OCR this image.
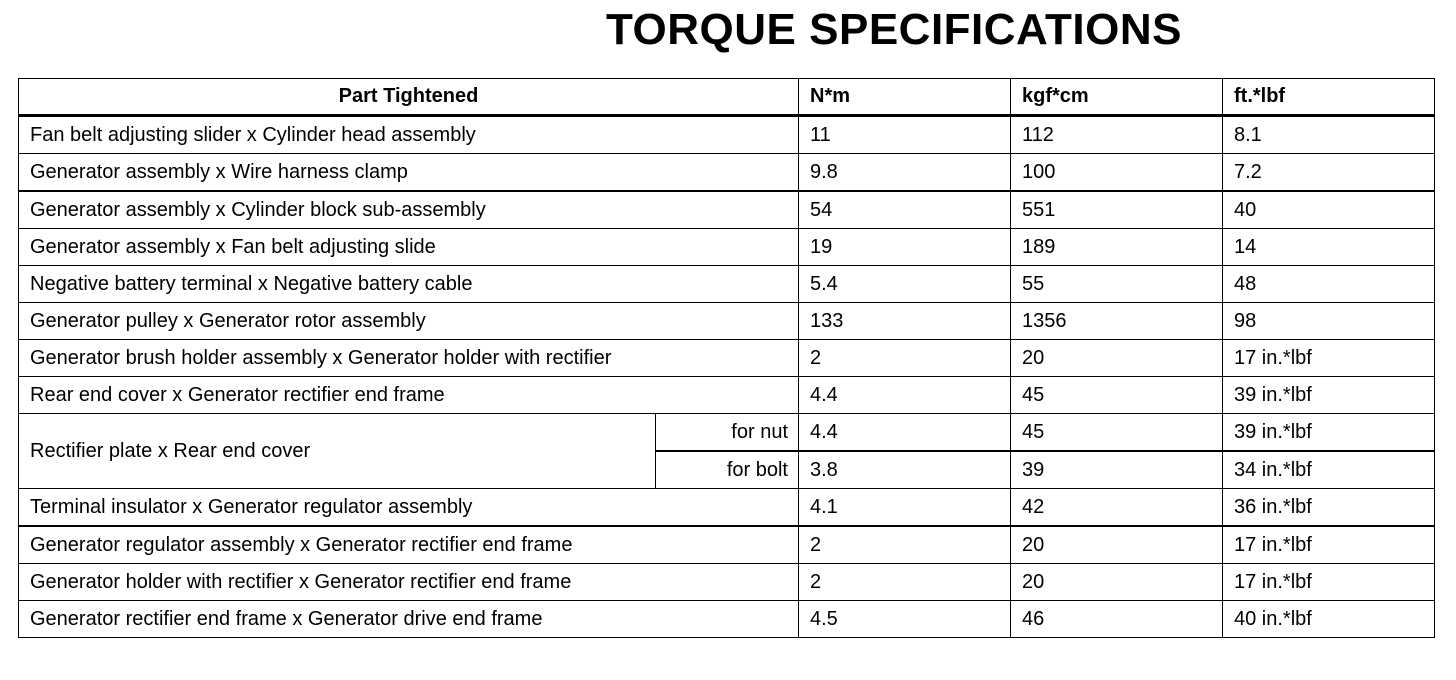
TORQUE SPECIFICATIONS
Part Tightened		N*m	kgf*cm	ft.*lbf
Fan belt adjusting slider x Cylinder head assembly		11	112	8.1
Generator assembly x Wire harness clamp		9.8	100	7.2
Generator assembly x Cylinder block sub-assembly		54	551	40
Generator assembly x Fan belt adjusting slide		19	189	14
Negative battery terminal x Negative battery cable		5.4	55	48
Generator pulley x Generator rotor assembly		133	1356	98
Generator brush holder assembly x Generator holder with rectifier		2	20	17 in.*lbf
Rear end cover x Generator rectifier end frame		4.4	45	39 in.*lbf
Rectifier plate x Rear end cover	for nut	4.4	45	39 in.*lbf
	for bolt	3.8	39	34 in.*lbf
Terminal insulator x Generator regulator assembly		4.1	42	36 in.*lbf
Generator regulator assembly x Generator rectifier end frame		2	20	17 in.*lbf
Generator holder with rectifier x Generator rectifier end frame		2	20	17 in.*lbf
Generator rectifier end frame x Generator drive end frame		4.5	46	40 in.*lbf
